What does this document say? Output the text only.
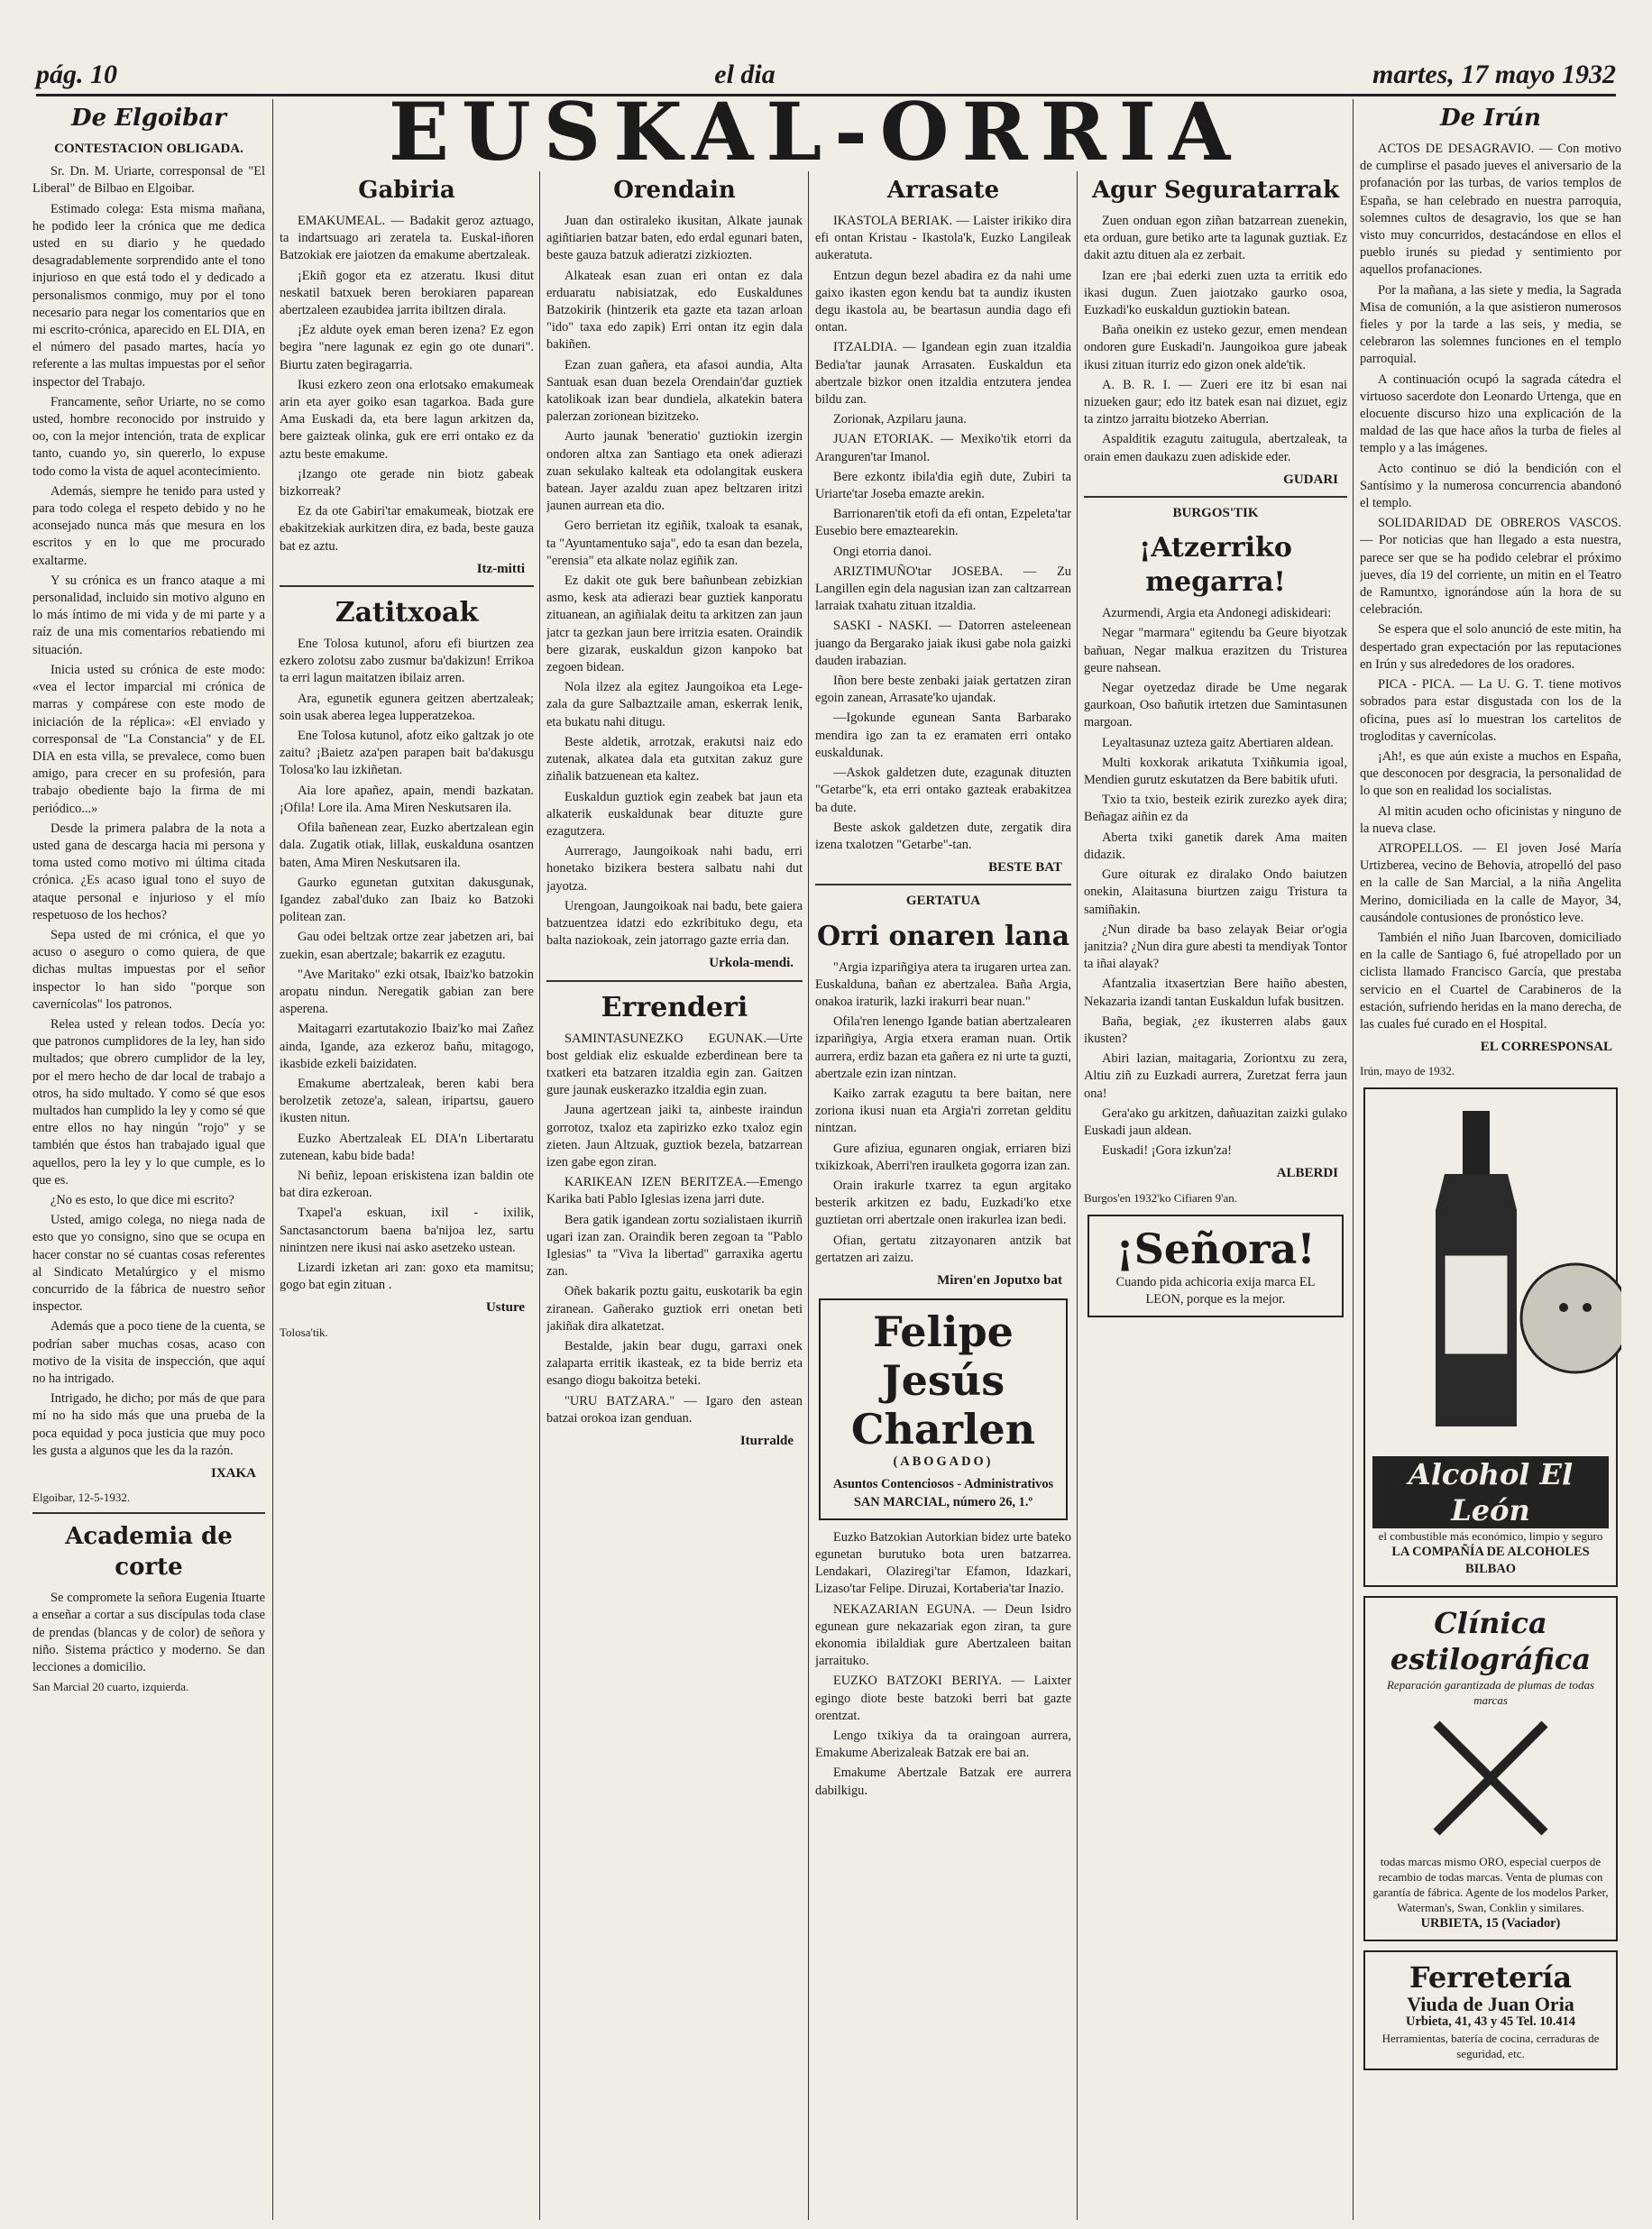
pág. 10	el dia	martes, 17 mayo 1932
EUSKAL-ORRIA
De Elgoibar
CONTESTACION OBLIGADA.

Sr. Dn. M. Uriarte, corresponsal de "El Liberal" de Bilbao en Elgoibar.

Estimado colega: Esta misma mañana, he podido leer la crónica que me dedica usted en su diario y he quedado desagradablemente sorprendido ante el tono injurioso en que está todo el y dedicado a personalismos conmigo, muy por el tono necesario para negar los comentarios que en mi escrito-crónica, aparecido en EL DIA, en el número del pasado martes, hacía yo referente a las multas impuestas por el señor inspector del Trabajo.

Francamente, señor Uriarte, no se como usted, hombre reconocido por instruido y oo, con la mejor intención, trata de explicar tanto, cuando yo, sin quererlo, lo expuse todo como la vista de aquel acontecimiento.

Además, siempre he tenido para usted y para todo colega el respeto debido y no he aconsejado nunca más que mesura en los escritos y en lo que me procurado exaltarme.

Y su crónica es un franco ataque a mi personalidad, incluido sin motivo alguno en lo más íntimo de mi vida y de mi parte y a raíz de una mis comentarios rebatiendo mi situación.

Inicia usted su crónica de este modo: «vea el lector imparcial mi crónica de marras y compárese con este modo de iniciación de la réplica»: «El enviado y corresponsal de "La Constancia" y de EL DIA en esta villa, se prevalece, como buen amigo, para crecer en su profesión, para trabajo obediente bajo la firma de mi periódico...»

Desde la primera palabra de la nota a usted gana de descarga hacia mi persona y toma usted como motivo mi última citada crónica. ¿Es acaso igual tono el suyo de ataque personal e injurioso y el mío respetuoso de los hechos?

Sepa usted de mi crónica, el que yo acuso o aseguro o como quiera, de que dichas multas impuestas por el señor inspector lo han sido "porque son cavernícolas" los patronos.

Relea usted y relean todos. Decía yo: que patronos cumplidores de la ley, han sido multados; que obrero cumplidor de la ley, por el mero hecho de dar local de trabajo a otros, ha sido multado. Y como sé que esos multados han cumplido la ley y como sé que entre ellos no hay ningún "rojo" y se también que éstos han trabajado igual que aquellos, pero la ley y lo que cumple, es lo que es.

¿No es esto, lo que dice mi escrito?

Usted, amigo colega, no niega nada de esto que yo consigno, sino que se ocupa en hacer constar no sé cuantas cosas referentes al Sindicato Metalúrgico y el mismo concurrido de la fábrica de nuestro señor inspector.

Además que a poco tiene de la cuenta, se podrían saber muchas cosas, acaso con motivo de la visita de inspección, que aquí no ha intrigado.

Intrigado, he dicho; por más de que para mí no ha sido más que una prueba de la poca equidad y poca justicia que muy poco les gusta a algunos que les da la razón.

IXAKA
Elgoibar, 12-5-1932.
Academia de corte

Se compromete la señora Eugenia Ituarte a enseñar a cortar a sus discípulas toda clase de prendas (blancas y de color) de señora y niño. Sistema práctico y moderno. Se dan lecciones a domicilio.

San Marcial 20 cuarto, izquierda.
Gabiria

EMAKUMEAL. — Badakit geroz aztuago, ta indartsuago ari zeratela ta. Euskal-iñoren Batzokiak ere jaiotzen da emakume abertzaleak.

¡Ekiñ gogor eta ez atzeratu. Ikusi ditut neskatil batxuek beren berokiaren paparean abertzaleen ezaubidea jarrita ibiltzen dirala.

¡Ez aldute oyek eman beren izena? Ez egon begira "nere lagunak ez egin go ote dunari". Biurtu zaten begiragarria.

Ikusi ezkero zeon ona erlotsako emakumeak arin eta ayer goiko esan tagarkoa. Bada gure Ama Euskadi da, eta bere lagun arkitzen da, bere gaizteak olinka, guk ere erri ontako ez da aztu beste emakume.

¡Izango ote gerade nin biotz gabeak bizkorreak?

Ez da ote Gabiri'tar emakumeak, biotzak ere ebakitzekiak aurkitzen dira, ez bada, beste gauza bat ez aztu.

Itz-mitti
Zatitxoak

Ene Tolosa kutunol, aforu efi biurtzen zea ezkero zolotsu zabo zusmur ba'dakizun! Errikoa ta erri lagun maitatzen ibilaiz arren.

Ara, egunetik egunera geitzen abertzaleak; soin usak aberea legea lupperatzekoa.

Ene Tolosa kutunol, afotz eiko galtzak jo ote zaitu? ¡Baietz aza'pen parapen bait ba'dakusgu Tolosa'ko lau izkiñetan.

Aia lore apañez, apain, mendi bazkatan. ¡Ofila! Lore ila. Ama Miren Neskutsaren ila.

Ofila bañenean zear, Euzko abertzalean egin dala. Zugatik otiak, lillak, euskalduna osantzen baten, Ama Miren Neskutsaren ila.

Gaurko egunetan gutxitan dakusgunak, Igandez zabal'duko zan Ibaiz ko Batzoki politean zan.

Gau odei beltzak ortze zear jabetzen ari, bai zuekin, esan abertzale; bakarrik ez ezagutu.

"Ave Maritako" ezki otsak, Ibaiz'ko batzokin aropatu nindun. Neregatik gabian zan bere asperena.

Maitagarri ezartutakozio Ibaiz'ko mai Zañez ainda, Igande, aza ezkeroz bañu, mitagogo, ikasbide ezkeli baizidaten.

Emakume abertzaleak, beren kabi bera berolzetik zetoze'a, salean, iripartsu, gauero ikusten nitun.

Euzko Abertzaleak EL DIA'n Libertaratu zutenean, kabu bide bada!

Ni beñiz, lepoan eriskistena izan baldin ote bat dira ezkeroan.

Txapel'a eskuan, ixil - ixilik, Sanctasanctorum baena ba'nijoa lez, sartu ninintzen nere ikusi nai asko asetzeko ustean.

Lizardi izketan ari zan: goxo eta mamitsu; gogo bat egin zituan .

Usture
Tolosa'tik.
Orendain

Juan dan ostiraleko ikusitan, Alkate jaunak agiñtiarien batzar baten, edo erdal egunari baten, beste gauza batzuk adieratzi zizkiozten.

Alkateak esan zuan eri ontan ez dala erduaratu nabisiatzak, edo Euskaldunes Batzokirik (hintzerik eta gazte eta tazan arloan "ido" taxa edo zapik) Erri ontan itz egin dala bakiñen.

Ezan zuan gañera, eta afasoi aundia, Alta Santuak esan duan bezela Orendain'dar guztiek katolikoak izan bear dundiela, alkatekin batera palerzan zorionean bizitzeko.

Aurto jaunak 'beneratio' guztiokin izergin ondoren altxa zan Santiago eta onek adierazi zuan sekulako kalteak eta odolangitak euskera batean. Jayer azaldu zuan apez beltzaren iritzi jaunen aurrean eta dio.

Gero berrietan itz egiñik, txaloak ta esanak, ta "Ayuntamentuko saja", edo ta esan dan bezela, "erensia" eta alkate nolaz egiñik zan.

Ez dakit ote guk bere bañunbean zebizkian asmo, kesk ata adierazi bear guztiek kanporatu zituanean, an agiñialak deitu ta arkitzen zan jaun jatcr ta gezkan jaun bere irritzia esaten. Oraindik bere gizarak, euskaldun gizon kanpoko bat zegoen bidean.

Nola ilzez ala egitez Jaungoikoa eta Lege-zala da gure Salbaztzaile aman, eskerrak lenik, eta bukatu nahi ditugu.

Beste aldetik, arrotzak, erakutsi naiz edo zutenak, alkatea dala eta gutxitan zakuz gure ziñalik batzuenean eta kaltez.

Euskaldun guztiok egin zeabek bat jaun eta alkaterik euskaldunak bear dituzte gure ezagutzera.

Aurrerago, Jaungoikoak nahi badu, erri honetako bizikera bestera salbatu nahi dut jayotza.

Urengoan, Jaungoikoak nai badu, bete gaiera batzuentzea idatzi edo ezkribituko degu, eta balta naziokoak, zein jatorrago gazte erria dan.

Urkola-mendi.
Errenderi

SAMINTASUNEZKO EGUNAK.—Urte bost geldiak eliz eskualde ezberdinean bere ta txatkeri eta batzaren itzaldia egin zan. Gaitzen gure jaunak euskerazko itzaldia egin zuan.

Jauna agertzean jaiki ta, ainbeste iraindun gorrotoz, txaloz eta zapirizko ezko txaloz egin zieten. Jaun Altzuak, guztiok bezela, batzarrean izen gabe egon ziran.

KARIKEAN IZEN BERITZEA.—Emengo Karika bati Pablo Iglesias izena jarri dute.

Bera gatik igandean zortu sozialistaen ikurriñ ugari izan zan. Oraindik beren zegoan ta "Pablo Iglesias" ta "Viva la libertad" garraxika agertu zan.

Oñek bakarik poztu gaitu, euskotarik ba egin ziranean. Gañerako guztiok erri onetan beti jakiñak dira alkatetzat.

Bestalde, jakin bear dugu, garraxi onek zalaparta erritik ikasteak, ez ta bide berriz eta esango diogu bakoitza beteki.

"URU BATZARA." — Igaro den astean batzai orokoa izan genduan.

Iturralde
Arrasate

IKASTOLA BERIAK. — Laister irikiko dira efi ontan Kristau - Ikastola'k, Euzko Langileak aukeratuta.

Entzun degun bezel abadira ez da nahi ume gaixo ikasten egon kendu bat ta aundiz ikusten degu ikastola au, be beartasun aundia dago efi ontan.

ITZALDIA. — Igandean egin zuan itzaldia Bedia'tar jaunak Arrasaten. Euskaldun eta abertzale bizkor onen itzaldia entzutera jendea bildu zan.

Zorionak, Azpilaru jauna.

JUAN ETORIAK. — Mexiko'tik etorri da Aranguren'tar Imanol.

Bere ezkontz ibila'dia egiñ dute, Zubiri ta Uriarte'tar Joseba emazte arekin.

Barrionaren'tik etofi da efi ontan, Ezpeleta'tar Eusebio bere emaztearekin.

Ongi etorria danoi.

ARIZTIMUÑO'tar JOSEBA. — Zu Langillen egin dela nagusian izan zan caltzarrean larraiak txahatu zituan itzaldia.

SASKI - NASKI. — Datorren asteleenean juango da Bergarako jaiak ikusi gabe nola gaizki dauden irabazian.

Iñon bere beste zenbaki jaiak gertatzen ziran egoin zanean, Arrasate'ko ujandak.

—Igokunde egunean Santa Barbarako mendira igo zan ta ez eramaten erri ontako euskaldunak.

—Askok galdetzen dute, ezagunak dituzten "Getarbe"k, eta erri ontako gazteak erabakitzea ba dute.

Beste askok galdetzen dute, zergatik dira izena txalotzen "Getarbe"-tan.

BESTE BAT
GERTATUA
Orri onaren lana

"Argia izpariñgiya atera ta irugaren urtea zan. Euskalduna, bañan ez abertzalea. Baña Argia, onakoa iraturik, lazki irakurri bear nuan."

Ofila'ren lenengo Igande batian abertzalearen izpariñgiya, Argia etxera eraman nuan. Ortik aurrera, erdiz bazan eta gañera ez ni urte ta guzti, abertzale ezin izan nintzan.

Kaiko zarrak ezagutu ta bere baitan, nere zoriona ikusi nuan eta Argia'ri zorretan gelditu nintzan.

Gure afiziua, egunaren ongiak, erriaren bizi txikizkoak, Aberri'ren iraulketa gogorra izan zan.

Orain irakurle txarrez ta egun argitako besterik arkitzen ez badu, Euzkadi'ko etxe guztietan orri abertzale onen irakurlea izan bedi.

Ofian, gertatu zitzayonaren antzik bat gertatzen ari zaizu.

Miren'en Joputxo bat
Felipe Jesús Charlen
(ABOGADO)
Asuntos Contenciosos - Administrativos
SAN MARCIAL, número 26, 1.º

Euzko Batzokian Autorkian bidez urte bateko egunetan burutuko bota uren batzarrea. Lendakari, Olaziregi'tar Efamon, Idazkari, Lizaso'tar Felipe. Diruzai, Kortaberia'tar Inazio.

NEKAZARIAN EGUNA. — Deun Isidro egunean gure nekazariak egon ziran, ta gure ekonomia ibilaldiak gure Abertzaleen baitan jarraituko.

EUZKO BATZOKI BERIYA. — Laixter egingo diote beste batzoki berri bat gazte orentzat.

Lengo txikiya da ta oraingoan aurrera, Emakume Aberizaleak Batzak ere bai an.

Emakume Abertzale Batzak ere aurrera dabilkigu.

Agur Seguratarrak

Zuen onduan egon ziñan batzarrean zuenekin, eta orduan, gure betiko arte ta lagunak guztiak. Ez dakit aztu dituen ala ez zerbait.

Izan ere ¡bai ederki zuen uzta ta erritik edo ikasi dugun. Zuen jaiotzako gaurko osoa, Euzkadi'ko euskaldun guztiokin batean.

Baña oneikin ez usteko gezur, emen mendean ondoren gure Euskadi'n. Jaungoikoa gure jabeak ikusi zituan iturriz edo gizon onek alde'tik.

A. B. R. I. — Zueri ere itz bi esan nai nizueken gaur; edo itz batek esan nai dizuet, egiz ta zintzo jarraitu biotzeko Aberrian.

Aspalditik ezagutu zaitugula, abertzaleak, ta orain emen daukazu zuen adiskide eder.

GUDARI
BURGOS'TIK
¡Atzerriko megarra!

Azurmendi, Argia eta Andonegi adiskideari:

Negar "marmara" egitendu ba Geure biyotzak bañuan, Negar malkua erazitzen du Tristurea geure nahsean.

Negar oyetzedaz dirade be Ume negarak gaurkoan, Oso bañutik irtetzen due Samintasunen margoan.

Leyaltasunaz uzteza gaitz Abertiaren aldean.

Multi koxkorak arikatuta Txiñkumia igoal, Mendien gurutz eskutatzen da Bere babitik ufuti.

Txio ta txio, besteik ezirik zurezko ayek dira; Beñagaz aiñin ez da

Aberta txiki ganetik darek Ama maiten didazik.

Gure oiturak ez diralako Ondo baiutzen onekin, Alaitasuna biurtzen zaigu Tristura ta samiñakin.

¿Nun dirade ba baso zelayak Beiar or'ogia janitzia? ¿Nun dira gure abesti ta mendiyak Tontor ta iñai alayak?

Afantzalia itxasertzian Bere haiño abesten, Nekazaria izandi tantan Euskaldun lufak busitzen.

Baña, begiak, ¿ez ikusterren alabs gaux ikusten?

Abiri lazian, maitagaria, Zoriontxu zu zera, Altiu ziñ zu Euzkadi aurrera, Zuretzat ferra jaun ona!

Gera'ako gu arkitzen, dañuazitan zaizki gulako Euskadi jaun aldean.

Euskadi! ¡Gora izkun'za!

ALBERDI
Burgos'en 1932'ko Cifiaren 9'an.
¡Señora!
Cuando pida achicoria exija marca EL LEON, porque es la mejor.
De Irún

ACTOS DE DESAGRAVIO. — Con motivo de cumplirse el pasado jueves el aniversario de la profanación por las turbas, de varios templos de España, se han celebrado en nuestra parroquia, solemnes cultos de desagravio, los que se han visto muy concurridos, destacándose en ellos el pueblo irunés su piedad y sentimiento por aquellos profanaciones.

Por la mañana, a las siete y media, la Sagrada Misa de comunión, a la que asistieron numerosos fieles y por la tarde a las seis, y media, se celebraron las solemnes funciones en el templo parroquial.

A continuación ocupó la sagrada cátedra el virtuoso sacerdote don Leonardo Urtenga, que en elocuente discurso hizo una explicación de la maldad de las que hace años la turba de fieles al templo y a las imágenes.

Acto continuo se dió la bendición con el Santísimo y la numerosa concurrencia abandonó el templo.

SOLIDARIDAD DE OBREROS VASCOS. — Por noticias que han llegado a esta nuestra, parece ser que se ha podido celebrar el próximo jueves, día 19 del corriente, un mitin en el Teatro de Ramuntxo, ignorándose aún la hora de su celebración.

Se espera que el solo anunció de este mitin, ha despertado gran expectación por las reputaciones en Irún y sus alrededores de los oradores.

PICA - PICA. — La U. G. T. tiene motivos sobrados para estar disgustada con los de la oficina, pues así lo muestran los cartelitos de trogloditas y cavernícolas.

¡Ah!, es que aún existe a muchos en España, que desconocen por desgracia, la personalidad de lo que son en realidad los socialistas.

Al mitin acuden ocho oficinistas y ninguno de la nueva clase.

ATROPELLOS. — El joven José María Urtizberea, vecino de Behovia, atropelló del paso en la calle de San Marcial, a la niña Angelita Merino, domiciliada en la calle de Mayor, 34, causándole contusiones de pronóstico leve.

También el niño Juan Ibarcoven, domiciliado en la calle de Santiago 6, fué atropellado por un ciclista llamado Francisco García, que prestaba servicio en el Cuartel de Carabineros de la estación, sufriendo heridas en la mano derecha, de las cuales fué curado en el Hospital.

EL CORRESPONSAL
Irún, mayo de 1932.
Alcohol El León
el combustible más económico, limpio y seguro
LA COMPAÑÍA DE ALCOHOLES
BILBAO
Clínica estilográfica
Reparación garantizada de plumas de todas marcas
todas marcas mismo ORO, especial cuerpos de recambio de todas marcas. Venta de plumas con garantía de fábrica. Agente de los modelos Parker, Waterman's, Swan, Conklin y similares.
URBIETA, 15 (Vaciador)
Ferretería
Viuda de Juan Oria
Urbieta, 41, 43 y 45 Tel. 10.414
Herramientas, batería de cocina, cerraduras de seguridad, etc.
